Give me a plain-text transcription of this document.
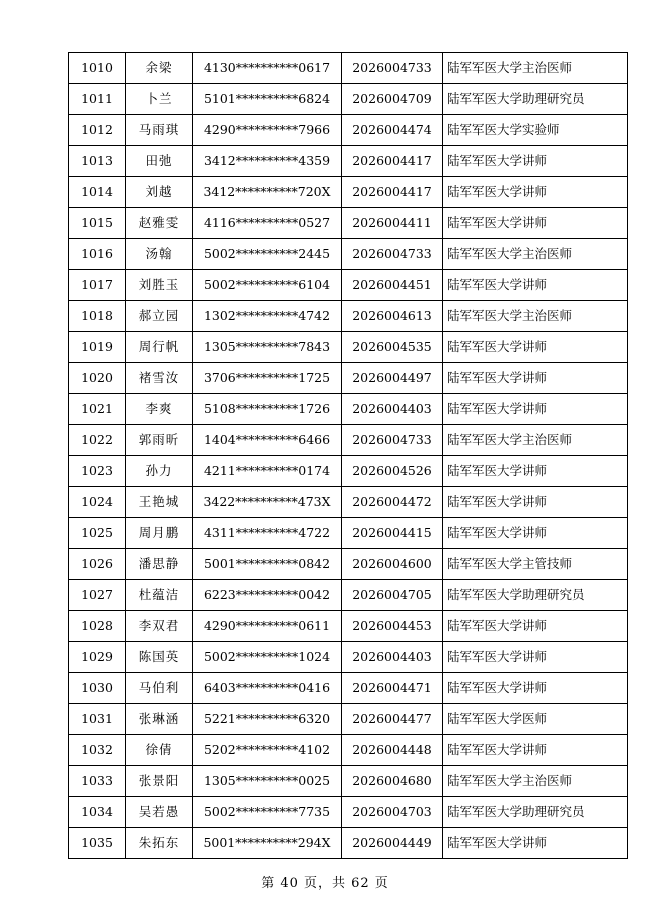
1010	余梁	4130**********0617	2026004733	陆军军医大学主治医师
1011	卜兰	5101**********6824	2026004709	陆军军医大学助理研究员
1012	马雨琪	4290**********7966	2026004474	陆军军医大学实验师
1013	田弛	3412**********4359	2026004417	陆军军医大学讲师
1014	刘越	3412**********720X	2026004417	陆军军医大学讲师
1015	赵雅雯	4116**********0527	2026004411	陆军军医大学讲师
1016	汤翰	5002**********2445	2026004733	陆军军医大学主治医师
1017	刘胜玉	5002**********6104	2026004451	陆军军医大学讲师
1018	郝立园	1302**********4742	2026004613	陆军军医大学主治医师
1019	周行帆	1305**********7843	2026004535	陆军军医大学讲师
1020	褚雪汝	3706**********1725	2026004497	陆军军医大学讲师
1021	李爽	5108**********1726	2026004403	陆军军医大学讲师
1022	郭雨昕	1404**********6466	2026004733	陆军军医大学主治医师
1023	孙力	4211**********0174	2026004526	陆军军医大学讲师
1024	王艳城	3422**********473X	2026004472	陆军军医大学讲师
1025	周月鹏	4311**********4722	2026004415	陆军军医大学讲师
1026	潘思静	5001**********0842	2026004600	陆军军医大学主管技师
1027	杜蕴洁	6223**********0042	2026004705	陆军军医大学助理研究员
1028	李双君	4290**********0611	2026004453	陆军军医大学讲师
1029	陈国英	5002**********1024	2026004403	陆军军医大学讲师
1030	马伯利	6403**********0416	2026004471	陆军军医大学讲师
1031	张琳涵	5221**********6320	2026004477	陆军军医大学医师
1032	徐倩	5202**********4102	2026004448	陆军军医大学讲师
1033	张景阳	1305**********0025	2026004680	陆军军医大学主治医师
1034	吴若愚	5002**********7735	2026004703	陆军军医大学助理研究员
1035	朱拓东	5001**********294X	2026004449	陆军军医大学讲师
第 40 页，共 62 页
